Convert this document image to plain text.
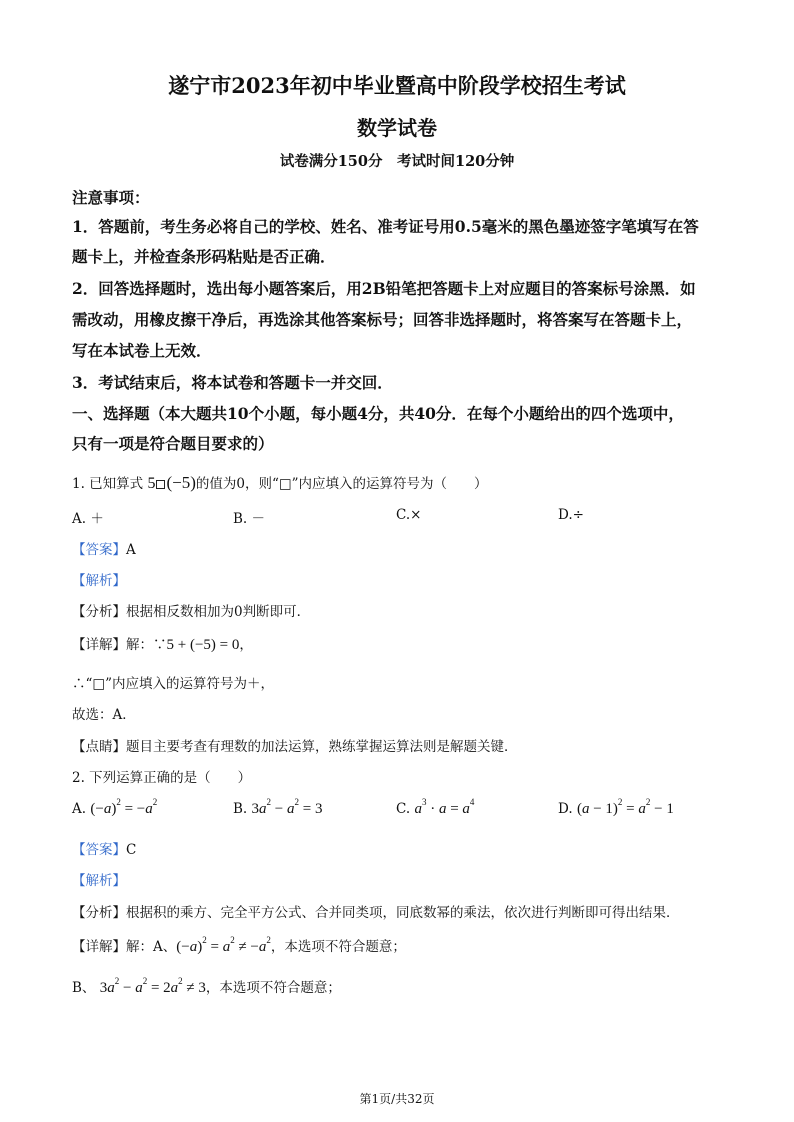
遂宁市2023年初中毕业暨高中阶段学校招生考试
数学试卷
试卷满分150分　考试时间120分钟
注意事项：
1．答题前，考生务必将自己的学校、姓名、准考证号用0.5毫米的黑色墨迹签字笔填写在答
题卡上，并检查条形码粘贴是否正确．
2．回答选择题时，选出每小题答案后，用2B铅笔把答题卡上对应题目的答案标号涂黑．如
需改动，用橡皮擦干净后，再选涂其他答案标号；回答非选择题时，将答案写在答题卡上，
写在本试卷上无效．
3．考试结束后，将本试卷和答题卡一并交回．
一、选择题（本大题共10个小题，每小题4分，共40分．在每个小题给出的四个选项中，
只有一项是符合题目要求的）
1. 已知算式 5 (−5)的值为0，则“□”内应填入的运算符号为（　　）
A. ＋	B. －	C.×	D.÷
【答案】A
【解析】
【分析】根据相反数相加为0判断即可．
【详解】解：∵5 + (−5) = 0，
∴“□”内应填入的运算符号为＋，
故选：A．
【点睛】题目主要考查有理数的加法运算，熟练掌握运算法则是解题关键．
2. 下列运算正确的是（　　）
A. $(-a)^2 = -a^2$	B. $3a^2 - a^2 = 3$	C. $a^3 \cdot a = a^4$	D. $(a - 1)^2 = a^2 - 1$
【答案】C
【解析】
【分析】根据积的乘方、完全平方公式、合并同类项，同底数幂的乘法，依次进行判断即可得出结果．
【详解】解：A、$(-a)^2 = a^2 \ne -a^2$，本选项不符合题意；
B、 $3a^2 - a^2 = 2a^2 \ne 3$，本选项不符合题意；
第1页/共32页
